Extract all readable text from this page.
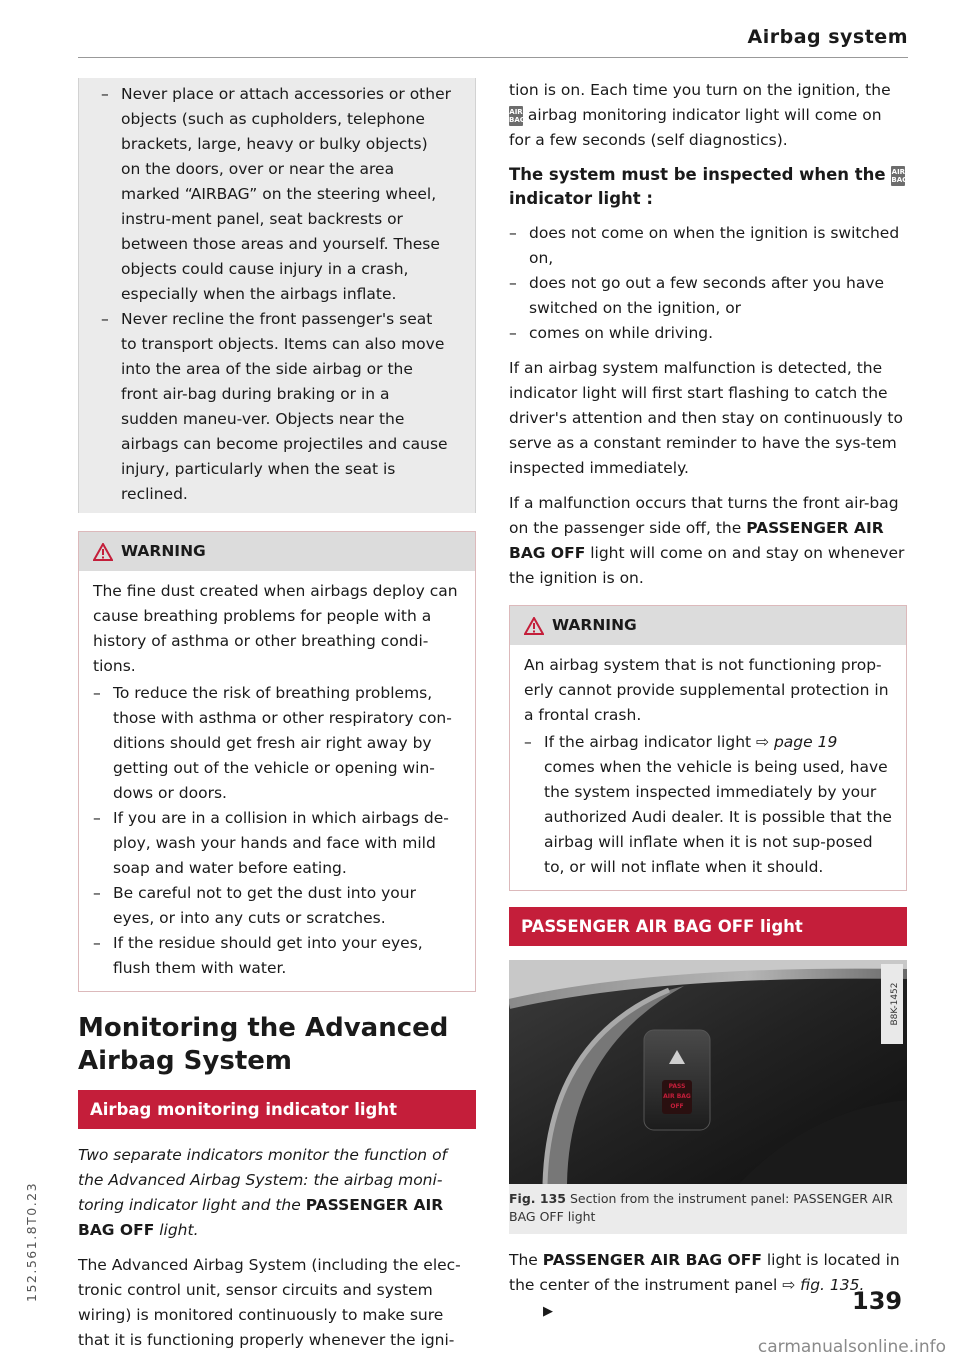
Airbag system
– Never place or attach accessories or other objects (such as cupholders, telephone brackets, large, heavy or bulky objects) on the doors, over or near the area marked “AIRBAG” on the steering wheel, instru-ment panel, seat backrests or between those areas and yourself. These objects could cause injury in a crash, especially when the airbags inflate.
– Never recline the front passenger's seat to transport objects. Items can also move into the area of the side airbag or the front air-bag during braking or in a sudden maneu-ver. Objects near the airbags can become projectiles and cause injury, particularly when the seat is reclined.
WARNING

The fine dust created when airbags deploy can cause breathing problems for people with a history of asthma or other breathing condi-tions.

– To reduce the risk of breathing problems, those with asthma or other respiratory con-ditions should get fresh air right away by getting out of the vehicle or opening win-dows or doors.
– If you are in a collision in which airbags de-ploy, wash your hands and face with mild soap and water before eating.
– Be careful not to get the dust into your eyes, or into any cuts or scratches.
– If the residue should get into your eyes, flush them with water.
Monitoring the Advanced Airbag System
Airbag monitoring indicator light

Two separate indicators monitor the function of the Advanced Airbag System: the airbag moni-toring indicator light and the PASSENGER AIR BAG OFF light.

The Advanced Airbag System (including the elec-tronic control unit, sensor circuits and system wiring) is monitored continuously to make sure that it is functioning properly whenever the igni-

tion is on. Each time you turn on the ignition, the AIR
BAG airbag monitoring indicator light will come on for a few seconds (self diagnostics).

The system must be inspected when the AIR
BAG
indicator light :
– does not come on when the ignition is switched on,
– does not go out a few seconds after you have switched on the ignition, or
– comes on while driving.

If an airbag system malfunction is detected, the indicator light will first start flashing to catch the driver's attention and then stay on continuously to serve as a constant reminder to have the sys-tem inspected immediately.

If a malfunction occurs that turns the front air-bag on the passenger side off, the PASSENGER AIR BAG OFF light will come on and stay on whenever the ignition is on.

WARNING

An airbag system that is not functioning prop-erly cannot provide supplemental protection in a frontal crash.

– If the airbag indicator light ⇨ page 19 comes when the vehicle is being used, have the system inspected immediately by your authorized Audi dealer. It is possible that the airbag will inflate when it is not sup-posed to, or will not inflate when it should.
PASSENGER AIR BAG OFF light
PASS
AIR BAG
OFF
B8K-1452
Fig. 135 Section from the instrument panel: PASSENGER AIR BAG OFF light

The PASSENGER AIR BAG OFF light is located in the center of the instrument panel ⇨ fig. 135.▶	139
152.561.8T0.23
carmanualsonline.info
